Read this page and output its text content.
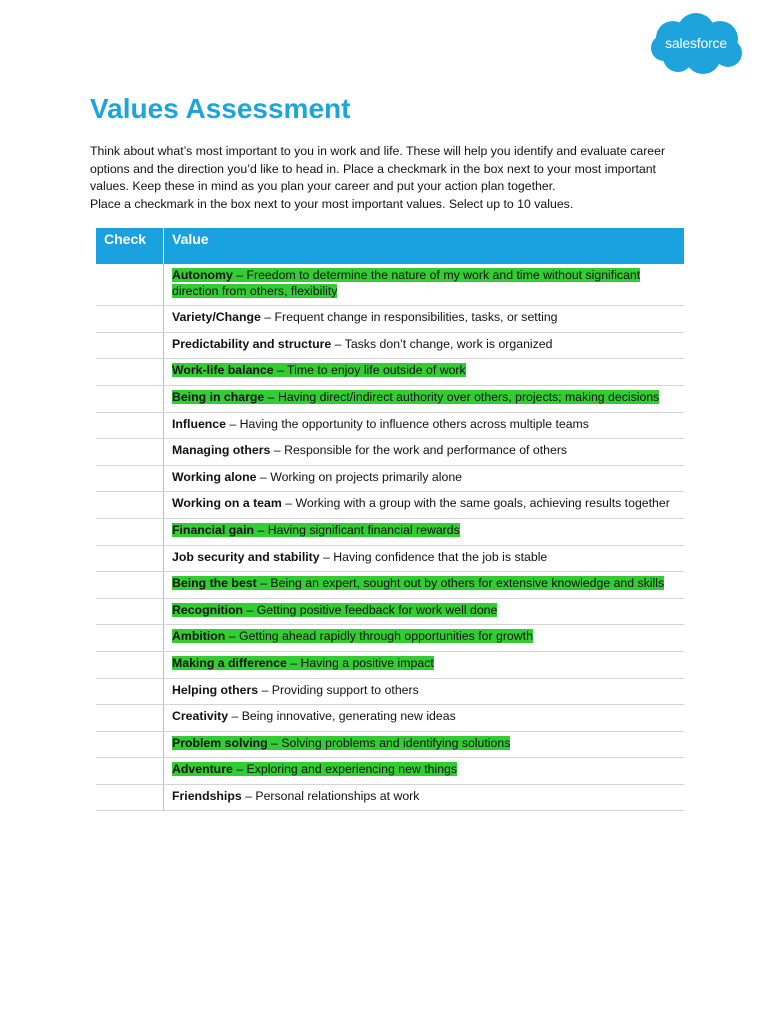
salesforce
Values Assessment

Think about what’s most important to you in work and life. These will help you identify and evaluate career options and the direction you’d like to head in. Place a checkmark in the box next to your most important values. Keep these in mind as you plan your career and put your action plan together.

Place a checkmark in the box next to your most important values. Select up to 10 values.

Check	Value
Autonomy – Freedom to determine the nature of my work and time without significant direction from others, flexibility
Variety/Change – Frequent change in responsibilities, tasks, or setting
Predictability and structure – Tasks don’t change, work is organized
Work-life balance – Time to enjoy life outside of work
Being in charge – Having direct/indirect authority over others, projects; making decisions
Influence – Having the opportunity to influence others across multiple teams
Managing others – Responsible for the work and performance of others
Working alone – Working on projects primarily alone
Working on a team – Working with a group with the same goals, achieving results together
Financial gain – Having significant financial rewards
Job security and stability – Having confidence that the job is stable
Being the best – Being an expert, sought out by others for extensive knowledge and skills
Recognition – Getting positive feedback for work well done
Ambition – Getting ahead rapidly through opportunities for growth
Making a difference – Having a positive impact
Helping others – Providing support to others
Creativity – Being innovative, generating new ideas
Problem solving – Solving problems and identifying solutions
Adventure – Exploring and experiencing new things
Friendships – Personal relationships at work
